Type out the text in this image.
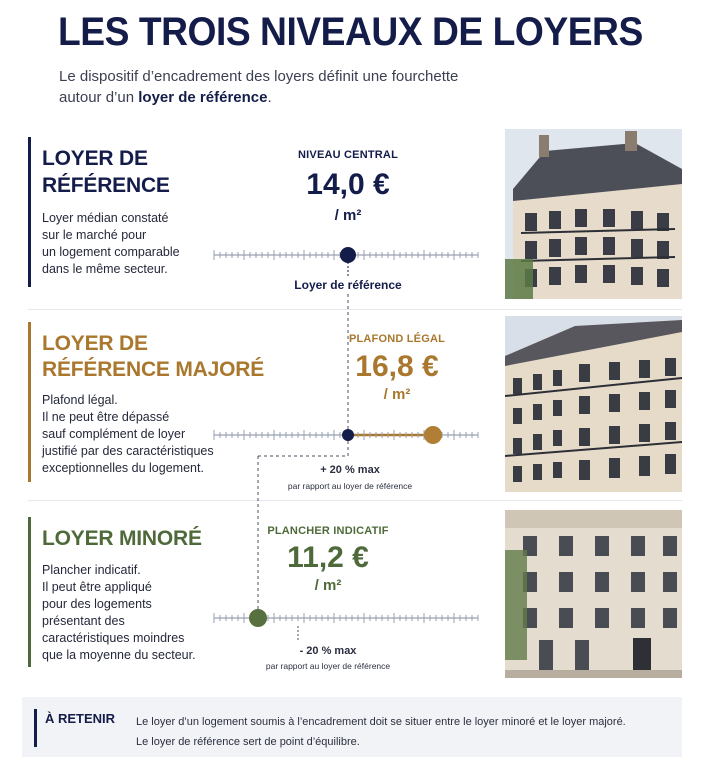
LES TROIS NIVEAUX DE LOYERS
Le dispositif d’encadrement des loyers définit une fourchette autour d’un loyer de référence.
LOYER DE
RÉFÉRENCE
Loyer médian constaté
sur le marché pour
un logement comparable
dans le même secteur.
NIVEAU CENTRAL
14,0 €
/ m²
Loyer de référence
LOYER DE
RÉFÉRENCE MAJORÉ
Plafond légal.
Il ne peut être dépassé
sauf complément de loyer
justifié par des caractéristiques
exceptionnelles du logement.
PLAFOND LÉGAL
16,8 €
/ m²
+ 20 % max
par rapport au loyer de référence
LOYER MINORÉ
Plancher indicatif.
Il peut être appliqué
pour des logements
présentant des
caractéristiques moindres
que la moyenne du secteur.
PLANCHER INDICATIF
11,2 €
/ m²
- 20 % max
par rapport au loyer de référence
À RETENIR Le loyer d’un logement soumis à l’encadrement doit se situer entre le loyer minoré et le loyer majoré.
Le loyer de référence sert de point d’équilibre.
